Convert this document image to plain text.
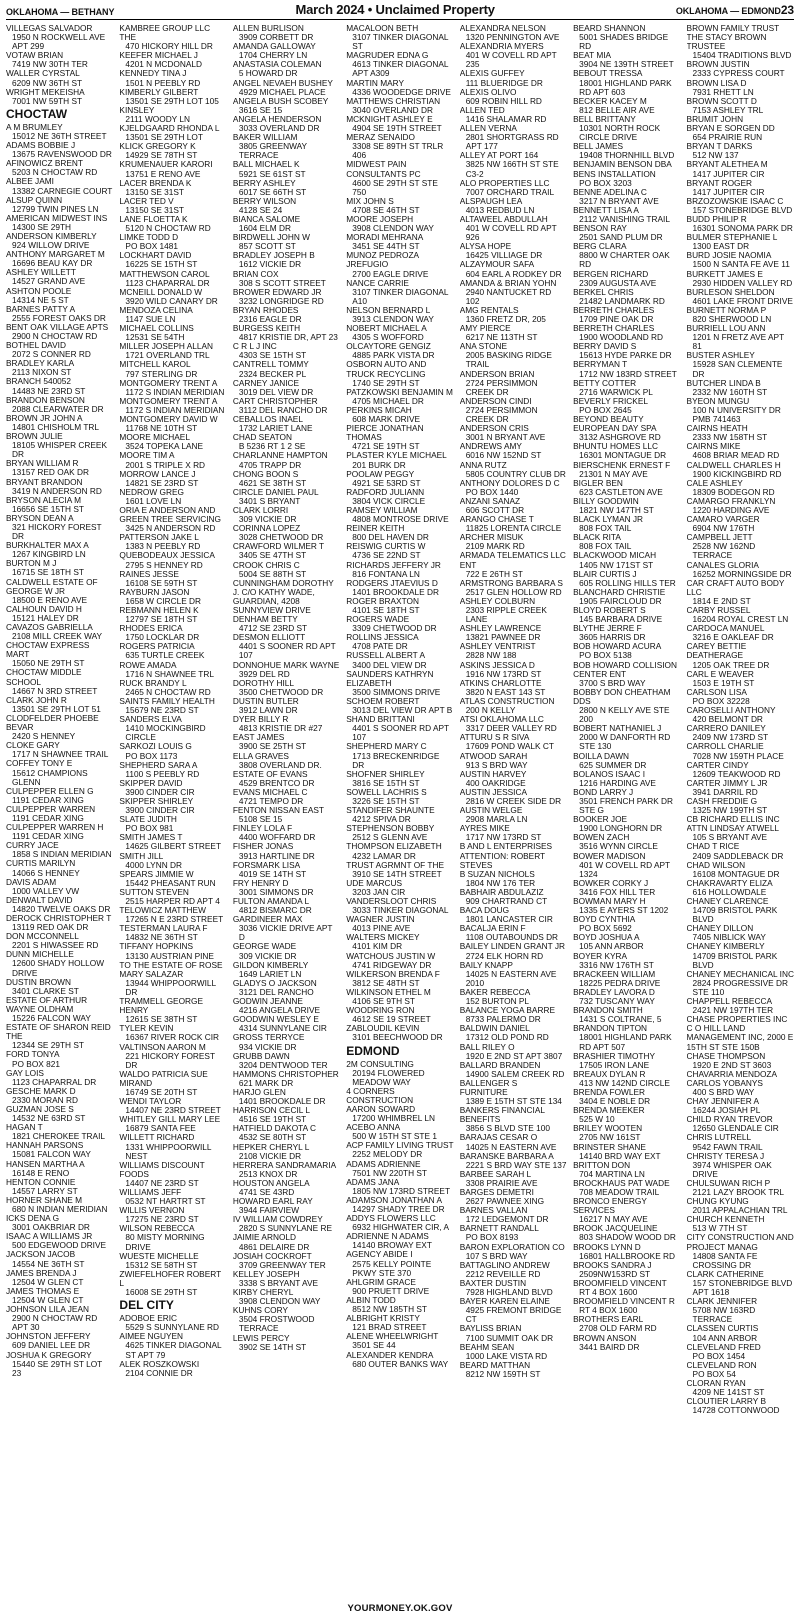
OKLAHOMA — BETHANY	March 2024 • Unclaimed Property	OKLAHOMA — EDMOND23
VILLEGAS SALVADOR
1950 N ROCKWELL AVE APT 299
VOTAW BRIAN
7419 NW 30TH TER
WALLER CYRSTAL
6209 NW 36TH ST
WRIGHT MEKEISHA
7001 NW 59TH ST
CHOCTAW
A M BRUMLEY
15012 NE 36TH STREET
ADAMS BOBBIE J
13675 RAVENSWOOD DR
AFINOWICZ BRENT
5203 N CHOCTAW RD
ALBEE JAMI
13382 CARNEGIE COURT
ALSUP QUINN
12799 TWIN PINES LN
AMERICAN MIDWEST INS
14300 SE 29TH
ANDERSON KIMBERLY
924 WILLOW DRIVE
ANTHONY MARGARET M
16696 BEAU KAY DR
ASHLEY WILLETT
14527 GRAND AVE
ASHTON POOLE
14314 NE 5 ST
BARNES PATTY A
2555 FOREST OAKS DR
BENT OAK VILLAGE APTS
2900 N CHOCTAW RD
BOTHEL DAVID
2072 S CONNER RD
BRADLEY KARLA
2113 NIXON ST
BRANCH 540052
14483 NE 23RD ST
BRANDON BENSON
2088 CLEARWATER DR
BROWN JR JOHN A
14801 CHISHOLM TRL
BROWN JULIE
18105 WHISPER CREEK DR
BRYAN WILLIAM R
13157 RED OAK DR
BRYANT BRANDON
3419 N ANDERSON RD
BRYSON ALECIA M
16656 SE 15TH ST
BRYSON DEAN A
321 HICKORY FOREST DR
BURKHALTER MAX A
1267 KINGBIRD LN
BURTON M J
16715 SE 18TH ST
CALDWELL ESTATE OF GEORGE W JR
18500 E RENO AVE
CALHOUN DAVID H
15121 HALEY DR
CAVAZOS GABRIELLA
2108 MILL CREEK WAY
CHOCTAW EXPRESS MART
15050 NE 29TH ST
CHOCTAW MIDDLE SCHOOL
14667 N 3RD STREET
CLARK JOHN R
13501 SE 29TH LOT 51
CLODFELDER PHOEBE BEVAR
2420 S HENNEY
CLOKE GARY
1717 N SHAWNEE TRAIL
COFFEY TONY E
15612 CHAMPIONS GLENN
CULPEPPER ELLEN G
1191 CEDAR XING
CULPEPPER WARREN
1191 CEDAR XING
CULPEPPER WARREN H
1191 CEDAR XING
CURRY JACE
1858 S INDIAN MERIDIAN
CURTIS MARILYN
14066 S HENNEY
DAVIS ADAM
1000 VALLEY VW
DENWALT DAVID
14820 TWELVE OAKS DR
DEROCK CHRISTOPHER T
13119 RED OAK DR
DON MCCONNELL
2201 S HIWASSEE RD
DUNN MICHELLE
12600 SHADY HOLLOW DRIVE
DUSTIN BROWN
3401 CLARKE ST
ESTATE OF ARTHUR WAYNE OLDHAM
15226 FALCON WAY
ESTATE OF SHARON REID THE
12344 SE 29TH ST
FORD TONYA
PO BOX 821
GAY LOIS
1123 CHAPARRAL DR
GESCHE MARK D
2330 MORAN RD
GUZMAN JOSE S
14532 NE 63RD ST
HAGAN T
1821 CHEROKEE TRAIL
HANNAH PARSONS
15081 FALCON WAY
HANSEN MARTHA A
16148 E RENO
HENTON CONNIE
14557 LARRY ST
HORNER SHANE M
680 N INDIAN MERIDIAN
ICKS DENA G
3001 OAKBRIAR DR
ISAAC A WILLIAMS JR
500 EDGEWOOD DRIVE
JACKSON JACOB
14554 NE 36TH ST
JAMES BRENDA J
12504 W GLEN CT
JAMES THOMAS E
12504 W GLEN CT
JOHNSON LILA JEAN
2900 N CHOCTAW RD APT 30
JOHNSTON JEFFERY
609 DANIEL LEE DR
JOSHUA K GREGORY
15440 SE 29TH ST LOT 23
KAMBREE GROUP LLC THE
470 HICKORY HILL DR
KEEFER MICHAEL J
4201 N MCDONALD
KENNEDY TINA J
1501 N PEEBLY RD
KIMBERLY GILBERT
13501 SE 29TH LOT 105
KINSLEY
2111 WOODY LN
KJELDGAARD RHONDA L
13501 SE 29TH LOT
KLICK GREGORY K
14929 SE 78TH ST
KRUMENAUER KARORI
13751 E RENO AVE
LACER BRENDA K
13150 SE 31ST
LACER TED V
13150 SE 31ST
LANE FLOETTA K
5120 N CHOCTAW RD
LIMKE TODD D
PO BOX 1481
LOCKHART DAVID
16225 SE 15TH ST
MATTHEWSON CAROL
1123 CHAPARRAL DR
MCNEILL DONALD W
3920 WILD CANARY DR
MENDOZA CELINA
1147 SUE LN
MICHAEL COLLINS
12531 SE 54TH
MILLER JOSEPH ALLAN
1721 OVERLAND TRL
MITCHELL KAROL
797 STERLING DR
MONTGOMERY TRENT A
1172 S INDIAN MERIDIAN
MONTGOMERY TRENT A
1172 S INDIAN MERIDIAN
MONTGOMERY DAVID W
11768 NE 10TH ST
MOORE MICHAEL
3524 TOPEKA LANE
MOORE TIM A
2001 S TRIPLE X RD
MORROW LANCE J
14821 SE 23RD ST
NEDROW GREG
1601 LOVE LN
ORIA E ANDERSON AND GREEN TREE SERVICING
3425 N ANDERSON RD
PATTERSON JAKE L
1383 N PEEBLY RD
QUEBODEAUX JESSICA
2795 S HENNEY RD
RAINES JESSE
16108 SE 59TH ST
RAYBURN JASON
1658 W CIRCLE DR
REBMANN HELEN K
12797 SE 18TH ST
RHODES ERICA
1750 LOCKLAR DR
ROGERS PATRICIA
635 TURTLE CREEK
ROWE AMADA
1716 N SHAWNEE TRL
RUCK BRANDY L
2465 N CHOCTAW RD
SAINTS FAMILY HEALTH
15679 NE 23RD ST
SANDERS ELVA
1410 MOCKINGBIRD CIRCLE
SARKOZI LOUIS G
PO BOX 1173
SHEPHERD SARA A
1100 S PEEBLY RD
SKIPPER DAVID
3900 CINDER CIR
SKIPPER SHIRLEY
3900 CINDER CIR
SLATE JUDITH
PO BOX 981
SMITH JAMES T
14625 GILBERT STREET
SMITH JILL
4000 LYNN DR
SPEARS JIMMIE W
15442 PHEASANT RUN
SUTTON STEVEN
2515 HARPER RD APT 4
TELOWICZ MATTHEW
17265 N E 23RD STREET
TESTERMAN LAURA F
14832 NE 36TH ST
TIFFANY HOPKINS
13130 AUSTRIAN PINE
TO THE ESTATE OF ROSE MARY SALAZAR
13944 WHIPPOORWILL DR
TRAMMELL GEORGE HENRY
12615 SE 38TH ST
TYLER KEVIN
16367 RIVER ROCK CIR
VALTINSON AARON M
221 HICKORY FOREST DR
WALDO PATRICIA SUE MIRAND
16749 SE 20TH ST
WENDI TAYLOR
14407 NE 23RD STREET
WHITLEY GILL MARY LEE
16879 SANTA FEE
WILLETT RICHARD
1331 WHIPPOORWILL NEST
WILLIAMS DISCOUNT FOODS
14407 NE 23RD ST
WILLIAMS JEFF
0532 NT HARTRT ST
WILLIS VERNON
17275 NE 23RD ST
WILSON REBECCA
80 MISTY MORNING DRIVE
WUESTE MICHELLE
15312 SE 58TH ST
ZWIEFELHOFER ROBERT L
16008 SE 29TH ST
DEL CITY
ADOBOE ERIC
5529 S SUNNYLANE RD
AIMEE NGUYEN
4625 TINKER DIAGONAL ST APT 79
ALEK ROSZKOWSKI
2104 CONNIE DR
ALLEN BURLISON
3909 CORBETT DR
AMANDA GALLOWAY
1704 CHERRY LN
ANASTASIA COLEMAN
5 HOWARD DR
ANGEL NEVAEH BUSHEY
4929 MICHAEL PLACE
ANGELA BUSH SCOBEY
3616 SE 15
ANGELA HENDERSON
3033 OVERLAND DR
BAKER WILLIAM
3805 GREENWAY TERRACE
BALL MICHAEL K
5921 SE 61ST ST
BERRY ASHLEY
6017 SE 66TH ST
BERRY WILSON
4128 SE 24
BIANCA SALOME
1604 ELM DR
BIRDWELL JOHN W
857 SCOTT ST
BRADLEY JOSEPH B
1612 VICKIE DR
BRIAN COX
308 S SCOTT STREET
BROWER EDWARD JR
3232 LONGRIDGE RD
BRYAN RHODES
2316 EAGLE DR
BURGESS KEITH
4817 KRISTIE DR, APT 23
C R L J INC
4303 SE 15TH ST
CANTRELL TOMMY
2324 BECKER PL
CARNEY JANICE
3019 DEL VIEW DR
CART CHRISTOPHER
3112 DEL RANCHO DR
CEBALLOS INAEL
1732 LARIET LANE
CHAD SEATON
B 5236 RT 1 2 SE
CHARLANNE HAMPTON
4705 TRAPP DR
CHONG BOON S
4621 SE 38TH ST
CIRCLE DANIEL PAUL
3401 S BRYANT
CLARK LORRI
309 VICKIE DR
CORINNA LOPEZ
3028 CHETWOOD DR
CRAWFORD WILMER T
3405 SE 47TH ST
CROOK CHRIS C
5004 SE 88TH ST
CUNNINGHAM DOROTHY J. C/O KATHY WADE, GUARDIAN, 4208 SUNNYVIEW DRIVE
DENHAM BETTY
4712 SE 23RD ST
DESMON ELLIOTT
4401 S SOONER RD APT 107
DONNOHUE MARK WAYNE
3929 DEL RD
DOROTHY HILL
3500 CHETWOOD DR
DUSTIN BUTLER
3912 LAWN DR
DYER BILLY R
4813 KRISTIE DR #27
EAST JAMES
3900 SE 25TH ST
ELLA GRAVES
3808 OVERLAND DR.
ESTATE OF EVANS
4529 BRENTCO DR
EVANS MICHAEL C
4721 TEMPO DR
FENTON NISSAN EAST
5108 SE 15
FINLEY LOLA F
4400 WOFFARD DR
FISHER JONAS
3913 HARTLINE DR
FORSMARK LISA
4019 SE 14TH ST
FRY HENRY D
3001 SIMMONS DR
FULTON AMANDA L
4812 BISMARC DR
GARDINEER MAX
3036 VICKIE DRIVE APT D
GEORGE WADE
309 VICKIE DR
GILDON KIMBERLY
1649 LARIET LN
GLADYS O JACKSON
3121 DEL RANCHO
GODWIN JEANNE
4216 ANGELA DRIVE
GOODWIN WESLEY E
4314 SUNNYLANE CIR
GROSS TERRYCE
934 VICKIE DR
GRUBB DAWN
3204 DENTWOOD TER
HAMMONS CHRISTOPHER
621 MARK DR
HARJO GLEN
1401 BROOKDALE DR
HARRISON CECIL L
4516 SE 19TH ST
HATFIELD DAKOTA C
4532 SE 80TH ST
HEPKER CHERYL L
2108 VICKIE DR
HERRERA SANDRAMARIA
2513 KNOX DR
HOUSTON ANGELA
4741 SE 43RD
HOWARD EARL RAY
3944 FAIRVIEW
IV WILLIAM COWDREY
2820 S SUNNYLANE RE
JAIMIE ARNOLD
4861 DELAIRE DR
JOSIAH COCKROFT
3709 GREENWAY TER
KELLEY JOSEPH
3338 S BRYANT AVE
KIRBY CHERYL
3908 CLENDON WAY
KUHNS CORY
3504 FROSTWOOD TERRACE
LEWIS PERCY
3902 SE 14TH ST
MACALOON BETH
3107 TINKER DIAGONAL ST
MAGRUDER EDNA G
4613 TINKER DIAGONAL APT A309
MARTIN MARY
4336 WOODEDGE DRIVE
MATTHEWS CHRISTIAN
3040 OVERLAND DR
MCKNIGHT ASHLEY E
4904 SE 19TH STREET
MERAZ SENAIDO
3308 SE 89TH ST TRLR 406
MIDWEST PAIN CONSULTANTS PC
4600 SE 29TH ST STE 750
MIX JOHN S
4708 SE 46TH ST
MOORE JOSEPH
3908 CLENDON WAY
MORADI MEHRANA
3451 SE 44TH ST
MUNOZ PEDROZA JREFUGIO
2700 EAGLE DRIVE
NANCE CARRIE
3107 TINKER DIAGONAL A10
NELSON BERNARD L
3913 CLENDON WAY
NOBERT MICHAEL A
4305 S WOFFORD
OLCAYTORE GENGIZ
4885 PARK VISTA DR
OSBORN AUTO AND TRUCK RECYCLING
1740 SE 29TH ST
PATZKOWSKI BENJAMIN M
4705 MICHAEL DR
PERKINS MICAH
608 MARK DRIVE
PIERCE JONATHAN THOMAS
4721 SE 19TH ST
PLASTER KYLE MICHAEL
201 BURK DR
POOLAW PEGGY
4921 SE 53RD ST
RADFORD JULIANN
3804 VICK CIRCLE
RAMSEY WILLIAM
4808 MONTROSE DRIVE
REINER KEITH
800 DEL HAVEN DR
REISWIG CURTIS W
4736 SE 22ND ST
RICHARDS JEFFERY JR
816 FONTANA LN
RODGERS JTAEVIUS D
1401 BROOKDALE DR
ROGER BRAXTON
4101 SE 18TH ST
ROGERS WADE
3309 CHETWOOD DR
ROLLINS JESSICA
4708 PATE DR
RUSSELL ALBERT A
3400 DEL VIEW DR
SAUNDERS KATHRYN ELIZABETH
3500 SIMMONS DRIVE
SCHOEM ROBERT
3013 DEL VIEW DR APT B
SHAND BRITTANI
4401 S SOONER RD APT 107
SHEPHERD MARY C
1713 BRECKENRIDGE DR
SHOFNER SHIRLEY
3816 SE 15TH ST
SOWELL LACHRIS S
3226 SE 15TH ST
STANDIFER SHAUNTE
4212 SPIVA DR
STEPHENSON BOBBY
2512 S GLENN AVE
THOMPSON ELIZABETH
4232 LAMAR DR
TRUST AGRMNT OF THE
3910 SE 14TH STREET
UDE MARCUS
3203 JAN CIR
VANDERSLOOT CHRIS
3033 TINKER DIAGONAL
WAGNER JUSTIN
4013 PINE AVE
WALTERS MICKEY
4101 KIM DR
WATCHOUS JUSTIN W
4741 RIDGEWAY DR
WILKERSON BRENDA F
3812 SE 48TH ST
WILKINSON ETHEL M
4106 SE 9TH ST
WOODRING RON
4612 SE 19 STREET
ZABLOUDIL KEVIN
3101 BEECHWOOD DR
EDMOND
2M CONSULTING
20194 FLOWERED MEADOW WAY
4 CORNERS CONSTRUCTION
AARON SOWARD
17200 WHIMBREL LN
ACEBO ANNA
500 W 15TH ST STE 1
ACP FAMILY LIVING TRUST
2252 MELODY DR
ADAMS ADRIENNE
7501 NW 220TH ST
ADAMS JANA
1805 NW 173RD STREET
ADAMSON JONATHAN A
14297 SHADY TREE DR
ADDYS FLOWERS LLC
6932 HIGHWATER CIR, A
ADRIENNE N ADAMS
14140 BROWAY EXT
AGENCY ABIDE I
2575 KELLY POINTE PKWY STE 370
AHLGRIM GRACE
900 PRUETT DRIVE
ALBIN TODD
8512 NW 185TH ST
ALBRIGHT KRISTY
121 BRAD STREET
ALENE WHEELWRIGHT
3501 SE 44
ALEXANDER KENDRA
680 OUTER BANKS WAY
ALEXANDRA NELSON
1320 PENNINGTON AVE
ALEXANDRIA MYERS
401 W COVELL RD APT 235
ALEXIS GUFFEY
111 BLUERIDGE DR
ALEXIS OLIVO
609 ROBIN HILL RD
ALLEN TED
1416 SHALAMAR RD
ALLEN VERNA
2801 SHORTGRASS RD APT 177
ALLEY AT PORT 164
3825 NW 166TH ST STE C3-2
ALO PROPERTIES LLC
7007 ORCHARD TRAIL
ALSPAUGH LEA
4013 REDBUD LN
ALTAWEEL ABDULLAH
401 W COVELL RD APT 926
ALYSA HOPE
16425 VILLIAGE DR
ALZAYMOUR SAFA
604 EARL A RODKEY DR
AMANDA & BRIAN YOHN
2940 NANTUCKET RD 102
AMG RENTALS
1360 FRETZ DR, 205
AMY PIERCE
6217 NE 113TH ST
ANA STONE
2005 BASKING RIDGE TRAIL
ANDERSON BRIAN
2724 PERSIMMON CREEK DR
ANDERSON CINDI
2724 PERSIMMON CREEK DR
ANDERSON CRIS
3001 N BRYANT AVE
ANDREWS AMY
6016 NW 152ND ST
ANNA RUTZ
5805 COUNTRY CLUB DR
ANTHONY DOLORES D C
PO BOX 1440
ANZANI SANAZ
606 SCOTT DR
ARANGO CHASE T
11825 LORENTA CIRCLE
ARCHER MISUK
2109 MARK RD
ARMADA TELEMATICS LLC ENT
722 E 26TH ST
ARMSTRONG BARBARA S
2517 GLEN HOLLOW RD
ASHLEY COLBURN
2303 RIPPLE CREEK LANE
ASHLEY LAWRENCE
13821 PAWNEE DR
ASHLEY VENTRIST
2828 NW 188
ASKINS JESSICA D
1916 NW 173RD ST
ATKINS CHARLOTTE
3820 N EAST 143 ST
ATLAS CONSTRUCTION
200 N KELLY
ATSI OKLAHOMA LLC
3317 DEER VALLEY RD
ATTURU S R SIVA
17609 POND WALK CT
ATWOOD SARAH
913 S BRD WAY
AUSTIN HARVEY
400 OAKRIDGE
AUSTIN JESSICA
2816 W CREEK SIDE DR
AUSTIN WELGE
2908 MARLA LN
AYRES MIKE
1717 NW 173RD ST
B AND L ENTERPRISES ATTENTION: ROBERT STEVES
B SUZAN NICHOLS
1804 NW 176 TER
BABHAIR ABDULAZIZ
909 CHARTRAND CT
BACA DOUG
1801 LANCASTER CIR
BACALJA ERIN F
1108 OUTABOUNDS DR
BAILEY LINDEN GRANT JR
2724 ELK HORN RD
BAILY KNAPP
14025 N EASTERN AVE 2010
BAKER REBECCA
152 BURTON PL
BALANCE YOGA BARRE
8733 PALERMO DR
BALDWIN DANIEL
17312 OLD POND RD
BALL RILEY O
1920 E 2ND ST APT 3807
BALLARD BRANDEN
14900 SALEM CREEK RD
BALLENGER S FURNITURE
1389 E 15TH ST STE 134
BANKERS FINANCIAL BENEFITS
3856 S BLVD STE 100
BARAJAS CESAR O
14025 N EASTERN AVE
BARANSKE BARBARA A
2221 S BRD WAY STE 137
BARBEE SARAH L
3308 PRAIRIE AVE
BARGES DEMETRI
2627 PAWNEE XING
BARNES VALLAN
172 LEDGEMONT DR
BARNETT RANDALL
PO BOX 8193
BARON EXPLORATION CO
107 S BRD WAY
BATTAGLINO ANDREW
2212 REVEILLE RD
BAXTER DUSTIN
7928 HIGHLAND BLVD
BAYER KAREN ELAINE
4925 FREMONT BRIDGE CT
BAYLISS BRIAN
7100 SUMMIT OAK DR
BEAHM SEAN
1000 LAKE VISTA RD
BEARD MATTHAN
8212 NW 159TH ST
BEARD SHANNON
5001 SHADES BRIDGE RD
BEAT MIA
3904 NE 139TH STREET
BEBOUT TRESSA
18001 HIGHLAND PARK RD APT 603
BECKER KACEY M
812 BELLE AIR AVE
BELL BRITTANY
10301 NORTH ROCK CIRCLE DRIVE
BELL JAMES
19408 THORNHILL BLVD
BENJAMIN BENSON DBA BENS INSTALLATION
PO BOX 3203
BENNE ADELINA C
3217 N BRYANT AVE
BENNETT LISA A
2112 VANISHING TRAIL
BENSON RAY
2501 SAND PLUM DR
BERG CLARA
8800 W CHARTER OAK RD
BERGEN RICHARD
2309 AUGUSTA AVE
BERKEL CHRIS
21482 LANDMARK RD
BERRETH CHARLES
1709 PINE OAK DR
BERRETH CHARLES
1900 WOODLAND RD
BERRY DAVID S
15613 HYDE PARKE DR
BERRYMAN T
1712 NW 183RD STREET
BETTY COTTER
2716 WARWICK PL
BEVERLY FRICKEL
PO BOX 2645
BEYOND BEAUTY EUROPEAN DAY SPA
3132 ASHGROVE RD
BHUNTU HOMES LLC
16301 MONTAGUE DR
BIERSCHENK ERNEST F
21301 N MAY AVE
BIGLER BEN
623 CASTLETON AVE
BILLY GOODWIN
1821 NW 147TH ST
BLACK LYMAN JR
808 FOX TAIL
BLACK RITA
808 FOX TAIL
BLACKWOOD MICAH
1405 NW 171ST ST
BLAIR CURTIS J
605 ROLLING HILLS TER
BLANCHARD CHRISTIE
1905 FAIRCLOUD DR
BLOYD ROBERT S
145 BARBARA DRIVE
BLYTHE JERRE F
3605 HARRIS DR
BOB HOWARD ACURA
PO BOX 5138
BOB HOWARD COLLISION CENTER ENT
3700 S BRD WAY
BOBBY DON CHEATHAM DDS
2800 N KELLY AVE STE 200
BOBERT NATHANIEL J
2000 W DANFORTH RD STE 130
BOILLA DAWN
625 SUMMER DR
BOLANOS ISAAC I
1216 HARDING AVE
BOND LARRY J
3501 FRENCH PARK DR STE G
BOOKER JOE
1900 LONGHORN DR
BOWEN ZACH
3516 WYNN CIRCLE
BOWER MADISON
401 W COVELL RD APT 1324
BOWKER CORKY J
3416 FOX HILL TER
BOWMAN MARY H
1335 E AYERS ST 1202
BOYD CYNTHIA
PO BOX 5692
BOYD JOSHUA A
105 ANN ARBOR
BOYER KYRA
3316 NW 176TH ST
BRACKEEN WILLIAM
18225 PEDRA DRIVE
BRADLEY LAVORA D
732 TUSCANY WAY
BRANDON SMITH
1431 S COLTRANE, 5
BRANDON TIPTON
18001 HIGHLAND PARK RD APT 507
BRASHIER TIMOTHY
17505 IRON LANE
BREAUX DYLAN R
413 NW 142ND CIRCLE
BRENDA FOWLER
3404 E NOBLE DR
BRENDA MEEKER
525 W 10
BRILEY WOOTEN
2705 NW 161ST
BRINSTER SHANE
14140 BRD WAY EXT
BRITTON DON
704 MARTINA LN
BROCKHAUS PAT WADE
708 MEADOW TRAIL
BRONCO ENERGY SERVICES
16217 N MAY AVE
BROOK JACQUELINE
803 SHADOW WOOD DR
BROOKS LYNN D
16801 HALLBROOKE RD
BROOKS SANDRA J
2509NW153RD ST
BROOMFIELD VINCENT
RT 4 BOX 1600
BROOMFIELD VINCENT R
RT 4 BOX 1600
BROTHERS EARL
2708 OLD FARM RD
BROWN ANSON
3441 BAIRD DR
BROWN FAMILY TRUST THE STACY BROWN TRUSTEE
15404 TRADITIONS BLVD
BROWN JUSTIN
2333 CYPRESS COURT
BROWN LISA D
7931 RHETT LN
BROWN SCOTT D
7153 ASHLEY TRL
BRUMIT JOHN
BRYAN E SORGEN DD
654 PRAIRIE RUN
BRYAN T DARKS
512 NW 137
BRYANT ALETHEA M
1417 JUPITER CIR
BRYANT ROGER
1417 JUPITER CIR
BRZOZOWSKIE ISAAC C
157 STONEBRIDGE BLVD
BUDD PHILIP R
16301 SONOMA PARK DR
BULMER STEPHANIE L
1300 EAST DR
BURD JOSIE NAOMIA
1500 N SANTA FE AVE 11
BURKETT JAMES E
2930 HIDDEN VALLEY RD
BURLESON SHELDON
4601 LAKE FRONT DRIVE
BURNETT NORMA P
820 SHERWOOD LN
BURRIELL LOU ANN
1201 N FRETZ AVE APT 81
BUSTER ASHLEY
15928 SAN CLEMENTE DR
BUTCHER LINDA B
2332 NW 160TH ST
BYEON MUNGU
100 N UNIVERSITY DR PMB 741463
CAIRNS HEATH
2333 NW 158TH ST
CAIRNS MIKE
4608 BRIAR MEAD RD
CALDWELL CHARLES H
1900 KICKINGBIRD RD
CALE ASHLEY
18309 BODEGON RD
CAMARGO FRANKLYN
1220 HARDING AVE
CAMARO VARGER
6904 NW 176TH
CAMPBELL JETT
2528 NW 162ND TERRACE
CANALES GLORIA
16252 MORNINGSIDE DR
CAR CRAFT AUTO BODY LLC
1814 E 2ND ST
CARBY RUSSEL
16204 ROYAL CREST LN
CARDOCA MANUEL
3216 E OAKLEAF DR
CAREY BETTIE DEATHERAGE
1205 OAK TREE DR
CARL E WEAVER
1503 E 19TH ST
CARLSON LISA
PO BOX 32228
CAROSELLI ANTHONY
420 BELMONT DR
CARRERO DANILEY
2409 NW 173RD ST
CARROLL CHARLIE
7028 NW 159TH PLACE
CARTER CINDY
12609 TEAKWOOD RD
CARTER JIMMY L JR
3941 DARRIL RD
CASH FREDDIE G
1325 NW 199TH ST
CB RICHARD ELLIS INC ATTN LINDSAY ATWELL
105 S BRYANT AVE
CHAD T RICE
2409 SADDLEBACK DR
CHAD WILSON
16108 MONTAGUE DR
CHAKRAVARTY ELIZA
616 HOLLOWDALE
CHANEY CLARENCE
14709 BRISTOL PARK BLVD
CHANEY DILLON
7405 NIBLICK WAY
CHANEY KIMBERLY
14709 BRISTOL PARK BLVD
CHANEY MECHANICAL INC
2824 PROGRESSIVE DR STE 110
CHAPPELL REBECCA
2421 NW 197TH TER
CHASE PROPERTIES INC C O HILL LAND MANAGEMENT INC, 2000 E 15TH ST STE 150B
CHASE THOMPSON
1920 E 2ND ST 3603
CHAVARRIA MENDOZA CARLOS YOBANYS
400 S BRD WAY
CHAY JENNIFER A
16244 JOSIAH PL
CHILD RYAN TREVOR
12650 GLENDALE CIR
CHRIS LUTRELL
9542 FAWN TRAIL
CHRISTY TERESA J
3974 WHISPER OAK DRIVE
CHULSUWAN RICH P
2121 LAZY BROOK TRL
CHUNG KYUNG
2011 APPALACHIAN TRL
CHURCH KENNETH
513 W 7TH ST
CITY CONSTRUCTION AND PROJECT MANAG
14808 SANTA FE CROSSING DR
CLARK CATHERINE
157 STONEBRIDGE BLVD APT 1618
CLARK JENNIFER
5708 NW 163RD TERRACE
CLASSEN CURTIS
104 ANN ARBOR
CLEVELAND FRED
PO BOX 1454
CLEVELAND RON
PO BOX 54
CLORAN RYAN
4209 NE 141ST ST
CLOUTIER LARRY B
14728 COTTONWOOD
YOURMONEY.OK.GOV
